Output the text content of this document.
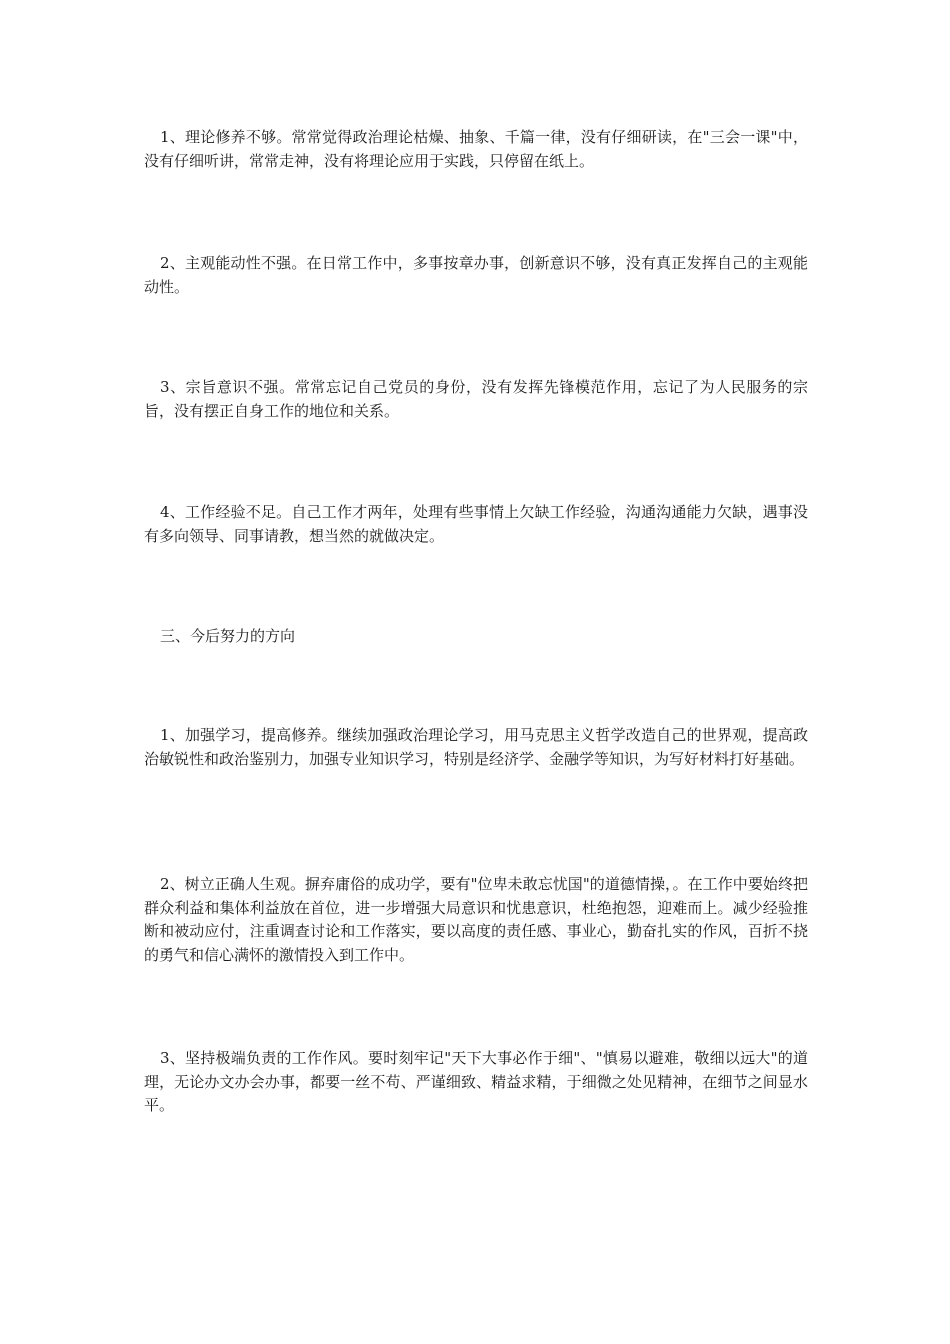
1、理论修养不够。常常觉得政治理论枯燥、抽象、千篇一律，没有仔细研读，在"三会一课"中，没有仔细听讲，常常走神，没有将理论应用于实践，只停留在纸上。

2、主观能动性不强。在日常工作中，多事按章办事，创新意识不够，没有真正发挥自己的主观能动性。

3、宗旨意识不强。常常忘记自己党员的身份，没有发挥先锋模范作用，忘记了为人民服务的宗旨，没有摆正自身工作的地位和关系。

4、工作经验不足。自己工作才两年，处理有些事情上欠缺工作经验，沟通沟通能力欠缺，遇事没有多向领导、同事请教，想当然的就做决定。

三、今后努力的方向

1、加强学习，提高修养。继续加强政治理论学习，用马克思主义哲学改造自己的世界观，提高政治敏锐性和政治鉴别力，加强专业知识学习，特别是经济学、金融学等知识，为写好材料打好基础。

2、树立正确人生观。摒弃庸俗的成功学，要有"位卑未敢忘忧国"的道德情操，。在工作中要始终把群众利益和集体利益放在首位，进一步增强大局意识和忧患意识，杜绝抱怨，迎难而上。减少经验推断和被动应付，注重调查讨论和工作落实，要以高度的责任感、事业心，勤奋扎实的作风，百折不挠的勇气和信心满怀的激情投入到工作中。

3、坚持极端负责的工作作风。要时刻牢记"天下大事必作于细"、"慎易以避难，敬细以远大"的道理，无论办文办会办事，都要一丝不苟、严谨细致、精益求精，于细微之处见精神，在细节之间显水平。
